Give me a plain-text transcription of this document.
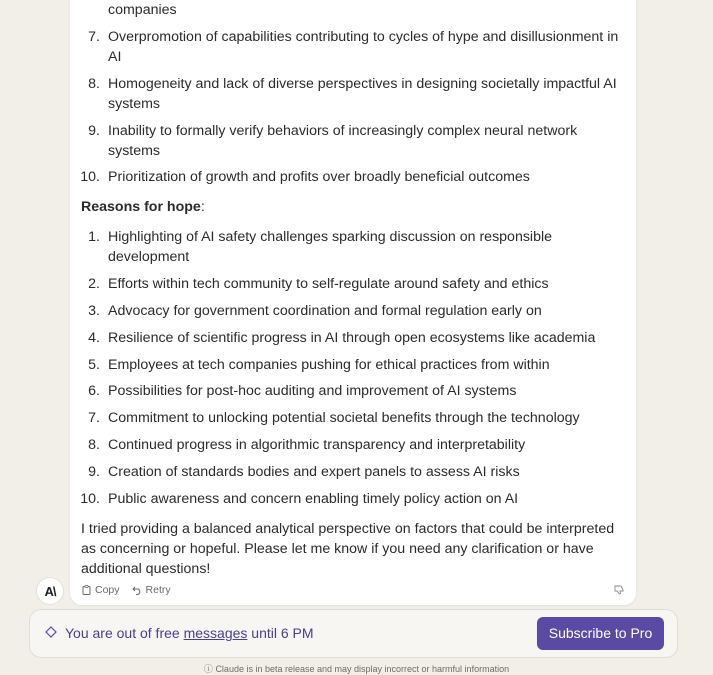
companies
7. Overpromotion of capabilities contributing to cycles of hype and disillusionment in
AI
8. Homogeneity and lack of diverse perspectives in designing societally impactful AI
systems
9. Inability to formally verify behaviors of increasingly complex neural network
systems
10. Prioritization of growth and profits over broadly beneficial outcomes
Reasons for hope:
1. Highlighting of AI safety challenges sparking discussion on responsible
development
2. Efforts within tech community to self-regulate around safety and ethics
3. Advocacy for government coordination and formal regulation early on
4. Resilience of scientific progress in AI through open ecosystems like academia
5. Employees at tech companies pushing for ethical practices from within
6. Possibilities for post-hoc auditing and improvement of AI systems
7. Commitment to unlocking potential societal benefits through the technology
8. Continued progress in algorithmic transparency and interpretability
9. Creation of standards bodies and expert panels to assess AI risks
10. Public awareness and concern enabling timely policy action on AI
I tried providing a balanced analytical perspective on factors that could be interpreted
as concerning or hopeful. Please let me know if you need any clarification or have
additional questions!
A\	Copy Retry
You are out of free messages until 6 PM	Subscribe to Pro
ⓘ Claude is in beta release and may display incorrect or harmful information
